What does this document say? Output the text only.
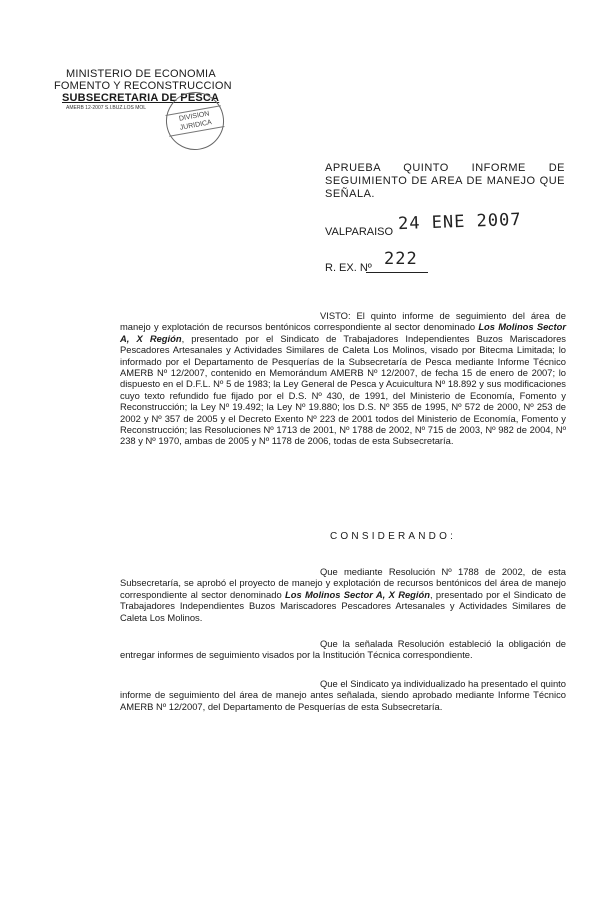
MINISTERIO DE ECONOMIA
FOMENTO Y RECONSTRUCCION
SUBSECRETARIA DE PESCA
AMERB 12-2007 S.I.BUZ.LOS MOL
DIVISION JURIDICA
APRUEBA QUINTO INFORME DE SEGUIMIENTO DE AREA DE MANEJO QUE SEÑALA.
VALPARAISO 24 ENE 2007
R. EX. Nº 222
VISTO: El quinto informe de seguimiento del área de manejo y explotación de recursos bentónicos correspondiente al sector denominado Los Molinos Sector A, X Región, presentado por el Sindicato de Trabajadores Independientes Buzos Mariscadores Pescadores Artesanales y Actividades Similares de Caleta Los Molinos, visado por Bitecma Limitada; lo informado por el Departamento de Pesquerías de la Subsecretaría de Pesca mediante Informe Técnico AMERB Nº 12/2007, contenido en Memorándum AMERB Nº 12/2007, de fecha 15 de enero de 2007; lo dispuesto en el D.F.L. Nº 5 de 1983; la Ley General de Pesca y Acuicultura Nº 18.892 y sus modificaciones cuyo texto refundido fue fijado por el D.S. Nº 430, de 1991, del Ministerio de Economía, Fomento y Reconstrucción; la Ley Nº 19.492; la Ley Nº 19.880; los D.S. Nº 355 de 1995, Nº 572 de 2000, Nº 253 de 2002 y Nº 357 de 2005 y el Decreto Exento Nº 223 de 2001 todos del Ministerio de Economía, Fomento y Reconstrucción; las Resoluciones Nº 1713 de 2001, Nº 1788 de 2002, Nº 715 de 2003, Nº 982 de 2004, Nº 238 y Nº 1970, ambas de 2005 y Nº 1178 de 2006, todas de esta Subsecretaría.
CONSIDERANDO:
Que mediante Resolución Nº 1788 de 2002, de esta Subsecretaría, se aprobó el proyecto de manejo y explotación de recursos bentónicos del área de manejo correspondiente al sector denominado Los Molinos Sector A, X Región, presentado por el Sindicato de Trabajadores Independientes Buzos Mariscadores Pescadores Artesanales y Actividades Similares de Caleta Los Molinos.
Que la señalada Resolución estableció la obligación de entregar informes de seguimiento visados por la Institución Técnica correspondiente.
Que el Sindicato ya individualizado ha presentado el quinto informe de seguimiento del área de manejo antes señalada, siendo aprobado mediante Informe Técnico AMERB Nº 12/2007, del Departamento de Pesquerías de esta Subsecretaría.
